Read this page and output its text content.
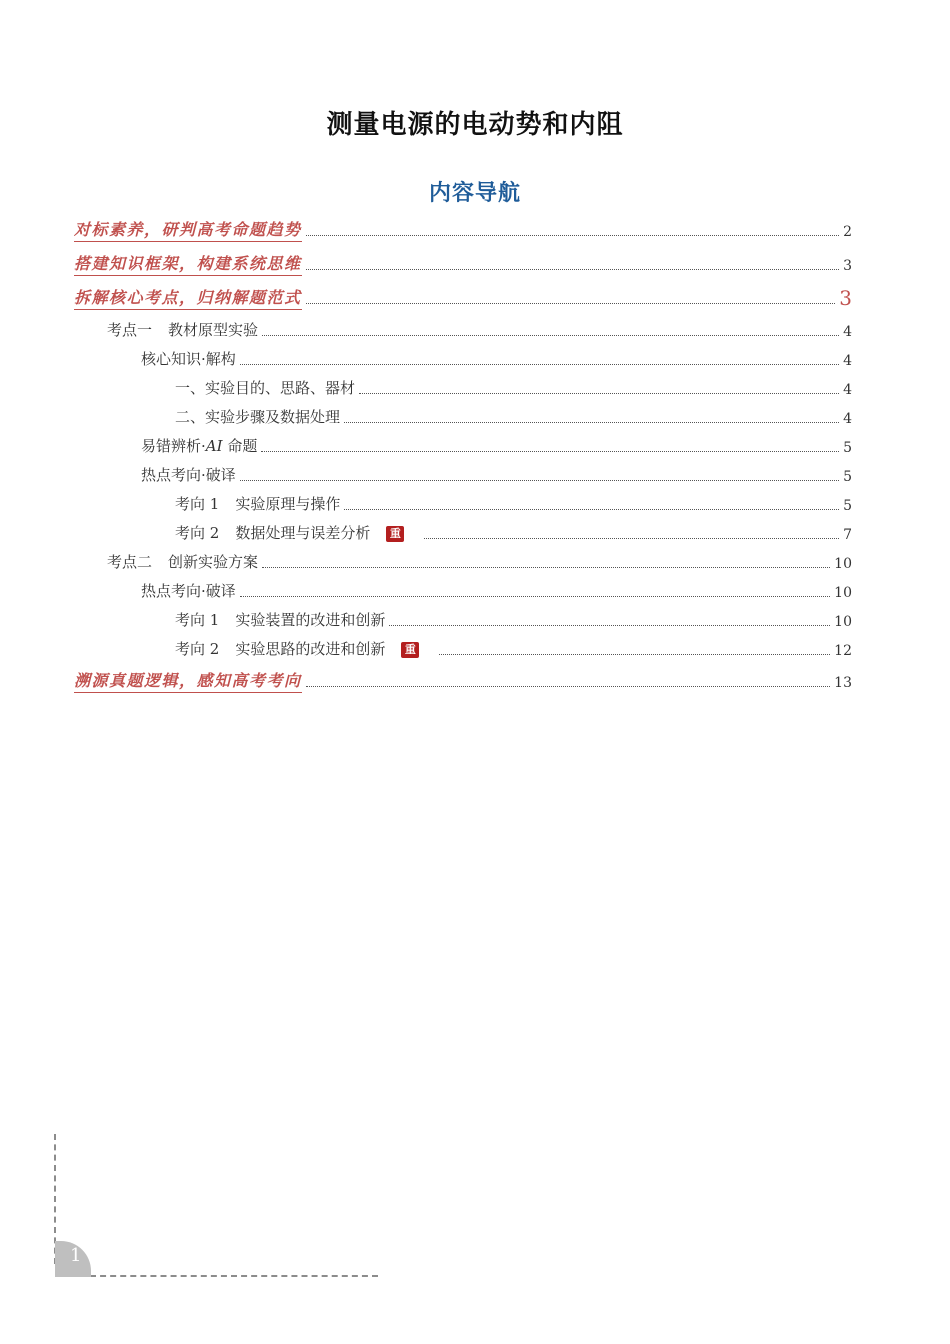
测量电源的电动势和内阻
内容导航
对标素养，研判高考命题趋势	2
搭建知识框架，构建系统思维	3
拆解核心考点，归纳解题范式	3
考点一 教材原型实验	4
核心知识·解构	4
一、实验目的、思路、器材	4
二、实验步骤及数据处理	4
易错辨析·AI 命题	5
热点考向·破译	5
考向 1 实验原理与操作	5
考向 2 数据处理与误差分析 重	7
考点二 创新实验方案	10
热点考向·破译	10
考向 1 实验装置的改进和创新	10
考向 2 实验思路的改进和创新 重	12
溯源真题逻辑，感知高考考向	13
1
